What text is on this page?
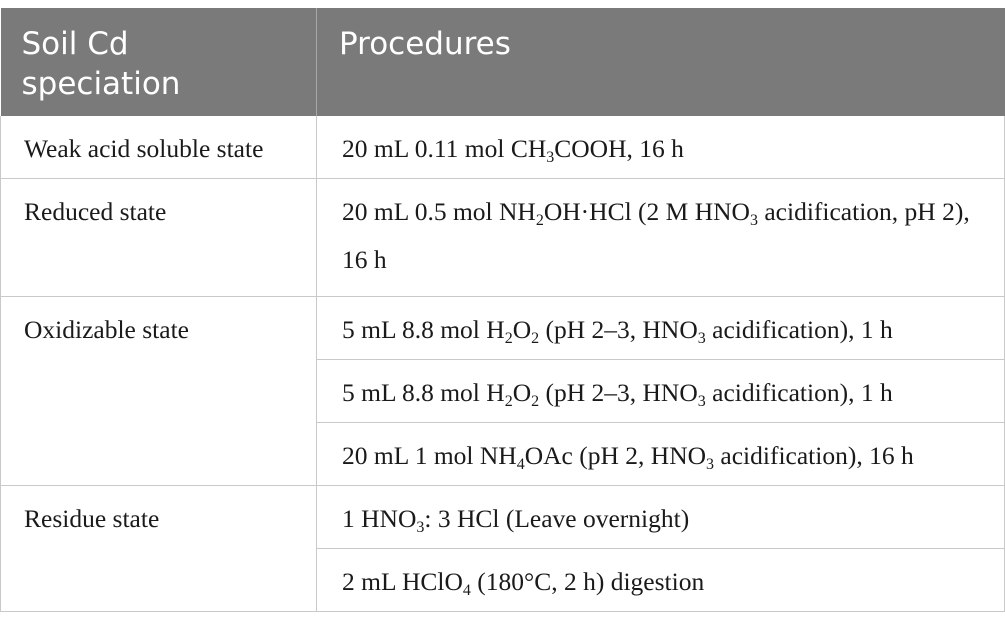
Soil Cd
speciation	Procedures
Weak acid soluble state	20 mL 0.11 mol $CH_3COOH$, 16 h
Reduced state	20 mL 0.5 mol $NH_2OH\cdot HCl$ (2 M $HNO_3$ acidification, pH 2), 16 h
Oxidizable state	5 mL 8.8 mol $H_2O_2$ (pH 2–3, $HNO_3$ acidification), 1 h
	5 mL 8.8 mol $H_2O_2$ (pH 2–3, $HNO_3$ acidification), 1 h
	20 mL 1 mol $NH_4OAc$ (pH 2, $HNO_3$ acidification), 16 h
Residue state	1 $HNO_3$: 3 HCl (Leave overnight)
	2 mL HClO$_4$ (180°C, 2 h) digestion
